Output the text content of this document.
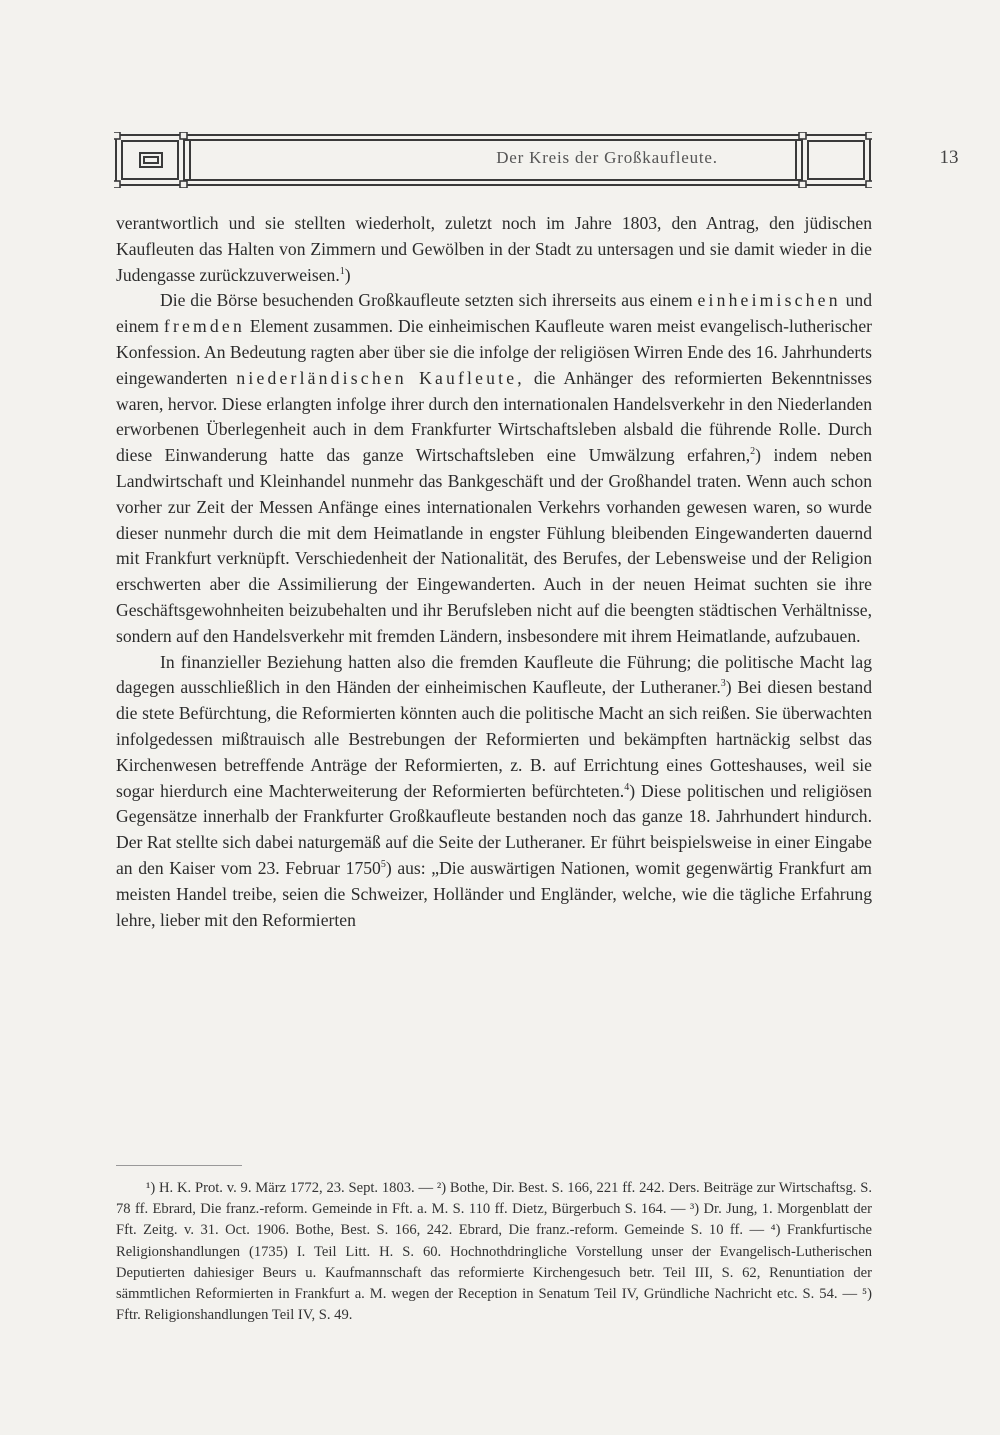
Der Kreis der Großkaufleute.	13

verantwortlich und sie stellten wiederholt, zuletzt noch im Jahre 1803, den Antrag, den jüdischen Kaufleuten das Halten von Zimmern und Gewölben in der Stadt zu untersagen und sie damit wieder in die Judengasse zurückzuverweisen.$^1$)

Die die Börse besuchenden Großkaufleute setzten sich ihrerseits aus einem einheimischen und einem fremden Element zusammen. Die einheimischen Kaufleute waren meist evangelisch-lutherischer Konfession. An Bedeutung ragten aber über sie die infolge der religiösen Wirren Ende des 16. Jahrhunderts eingewanderten niederländischen Kaufleute, die Anhänger des reformierten Bekenntnisses waren, hervor. Diese erlangten infolge ihrer durch den internationalen Handelsverkehr in den Niederlanden erworbenen Überlegenheit auch in dem Frankfurter Wirtschaftsleben alsbald die führende Rolle. Durch diese Einwanderung hatte das ganze Wirtschaftsleben eine Umwälzung erfahren,$^2$) indem neben Landwirtschaft und Kleinhandel nunmehr das Bankgeschäft und der Großhandel traten. Wenn auch schon vorher zur Zeit der Messen Anfänge eines internationalen Verkehrs vorhanden gewesen waren, so wurde dieser nunmehr durch die mit dem Heimatlande in engster Fühlung bleibenden Eingewanderten dauernd mit Frankfurt verknüpft. Verschiedenheit der Nationalität, des Berufes, der Lebensweise und der Religion erschwerten aber die Assimilierung der Eingewanderten. Auch in der neuen Heimat suchten sie ihre Geschäftsgewohnheiten beizubehalten und ihr Berufsleben nicht auf die beengten städtischen Verhältnisse, sondern auf den Handelsverkehr mit fremden Ländern, insbesondere mit ihrem Heimatlande, aufzubauen.

In finanzieller Beziehung hatten also die fremden Kaufleute die Führung; die politische Macht lag dagegen ausschließlich in den Händen der einheimischen Kaufleute, der Lutheraner.$^3$) Bei diesen bestand die stete Befürchtung, die Reformierten könnten auch die politische Macht an sich reißen. Sie überwachten infolgedessen mißtrauisch alle Bestrebungen der Reformierten und bekämpften hartnäckig selbst das Kirchenwesen betreffende Anträge der Reformierten, z. B. auf Errichtung eines Gotteshauses, weil sie sogar hierdurch eine Machterweiterung der Reformierten befürchteten.$^4$) Diese politischen und religiösen Gegensätze innerhalb der Frankfurter Großkaufleute bestanden noch das ganze 18. Jahrhundert hindurch. Der Rat stellte sich dabei naturgemäß auf die Seite der Lutheraner. Er führt beispielsweise in einer Eingabe an den Kaiser vom 23. Februar 1750$^5$) aus: „Die auswärtigen Nationen, womit gegenwärtig Frankfurt am meisten Handel treibe, seien die Schweizer, Holländer und Engländer, welche, wie die tägliche Erfahrung lehre, lieber mit den Reformierten

¹) H. K. Prot. v. 9. März 1772, 23. Sept. 1803. — ²) Bothe, Dir. Best. S. 166, 221 ff. 242. Ders. Beiträge zur Wirtschaftsg. S. 78 ff. Ebrard, Die franz.-reform. Gemeinde in Fft. a. M. S. 110 ff. Dietz, Bürgerbuch S. 164. — ³) Dr. Jung, 1. Morgenblatt der Fft. Zeitg. v. 31. Oct. 1906. Bothe, Best. S. 166, 242. Ebrard, Die franz.-reform. Gemeinde S. 10 ff. — ⁴) Frankfurtische Religionshandlungen (1735) I. Teil Litt. H. S. 60. Hochnothdringliche Vorstellung unser der Evangelisch-Lutherischen Deputierten dahiesiger Beurs u. Kaufmannschaft das reformierte Kirchengesuch betr. Teil III, S. 62, Renuntiation der sämmtlichen Reformierten in Frankfurt a. M. wegen der Reception in Senatum Teil IV, Gründliche Nachricht etc. S. 54. — ⁵) Fftr. Religionshandlungen Teil IV, S. 49.
